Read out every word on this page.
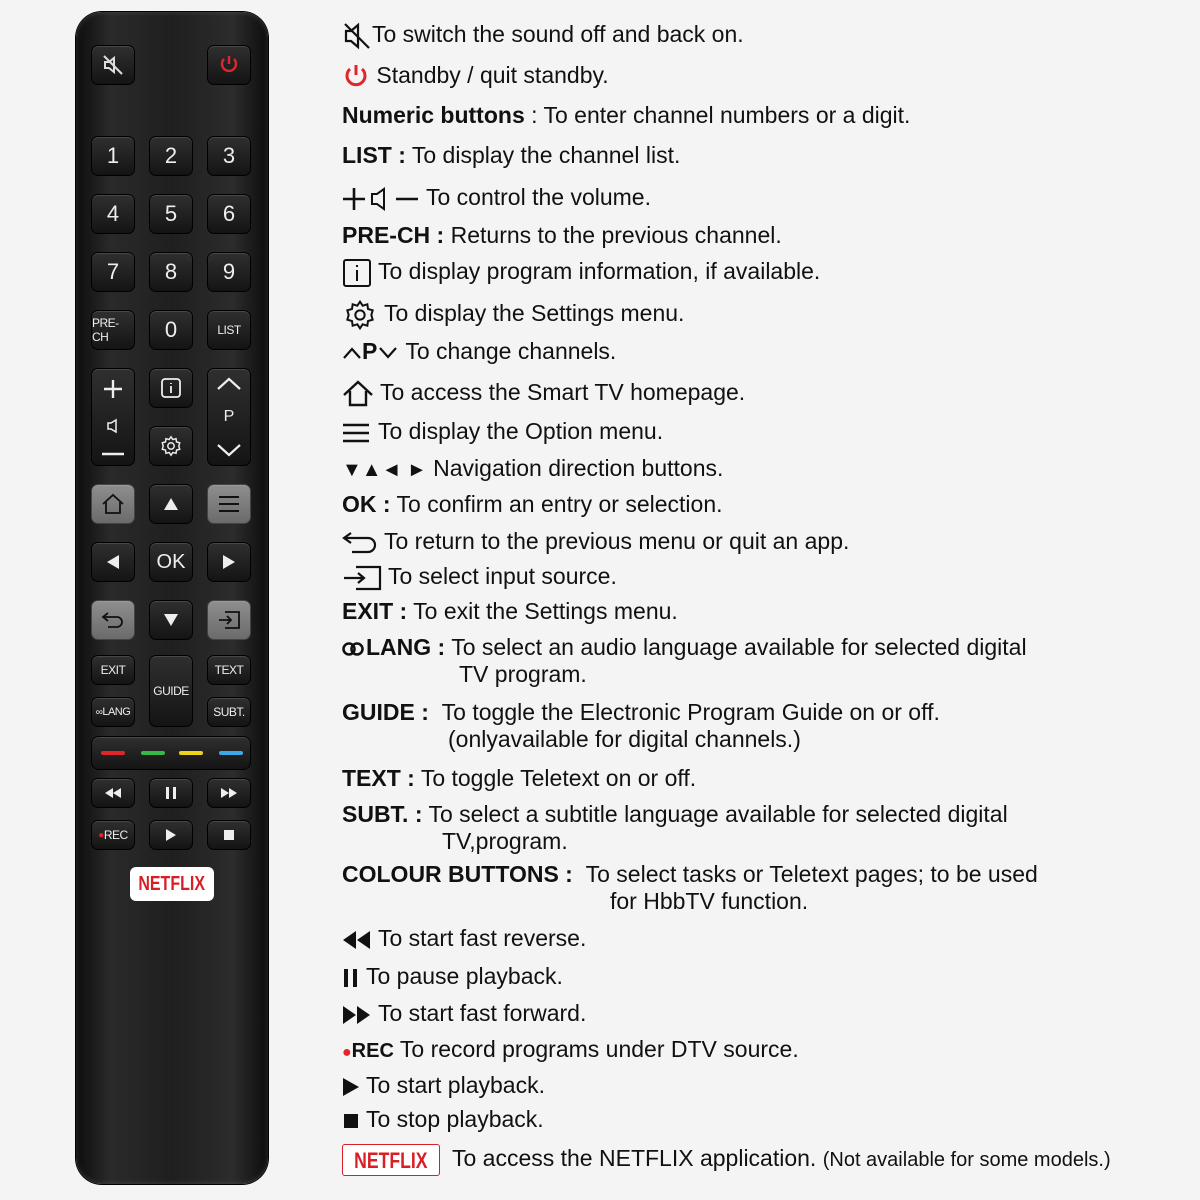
1	2	3
4	5	6
7	8	9
PRE-CH	0	LIST
P
OK
EXIT
GUIDE
TEXT
∞ LANG	SUBT.
● REC
NETFLIX
To switch the sound off and back on.
Standby / quit standby.
Numeric buttons : To enter channel numbers or a digit.
LIST : To display the channel list.
To control the volume.
PRE-CH : Returns to the previous channel.
To display program information, if available.
To display the Settings menu.
P To change channels.
To access the Smart TV homepage.
To display the Option menu.
▼▲◄ ► Navigation direction buttons.
OK : To confirm an entry or selection.
To return to the previous menu or quit an app.
To select input source.
EXIT : To exit the Settings menu.
LANG : To select an audio language available for selected digital
TV program.
GUIDE : To toggle the Electronic Program Guide on or off.
(onlyavailable for digital channels.)
TEXT : To toggle Teletext on or off.
SUBT. : To select a subtitle language available for selected digital
TV,program.
COLOUR BUTTONS : To select tasks or Teletext pages; to be used
for HbbTV function.
To start fast reverse.
To pause playback.
To start fast forward.
●REC To record programs under DTV source.
To start playback.
To stop playback.
NETFLIX To access the NETFLIX application. (Not available for some models.)
